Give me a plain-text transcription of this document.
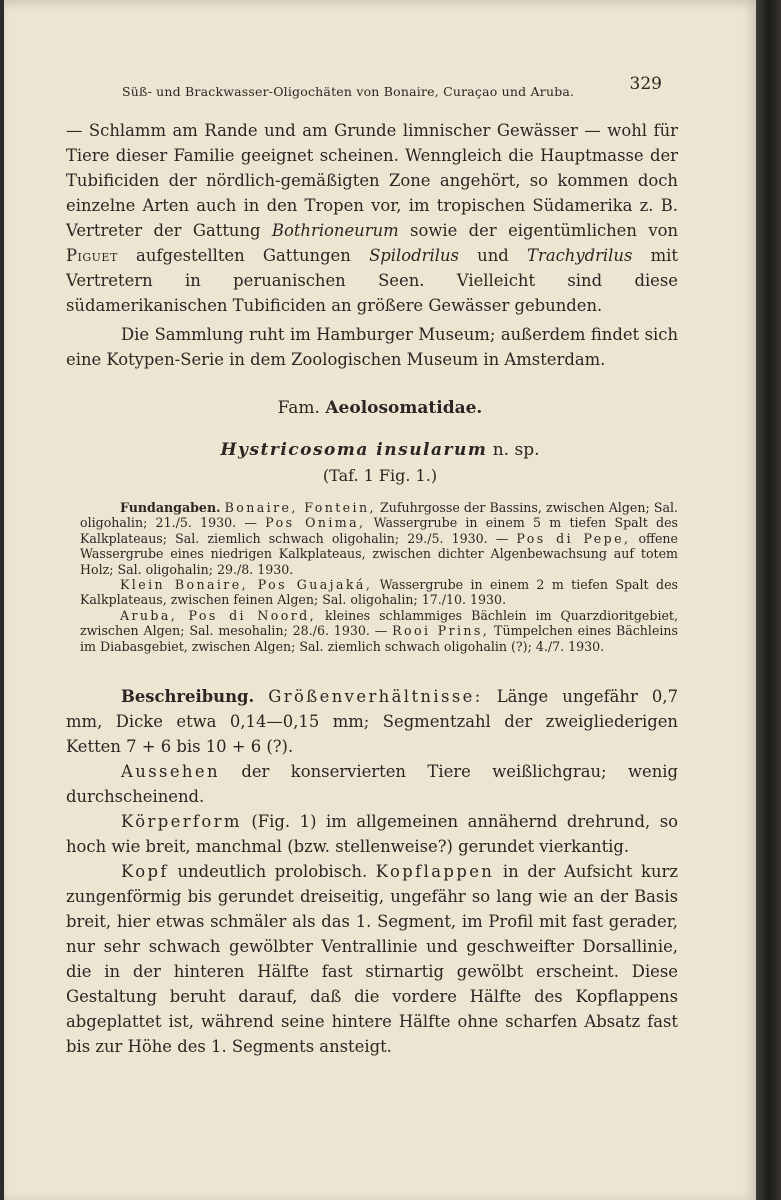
Süß- und Brackwasser-Oligochäten von Bonaire, Curaçao und Aruba.	329

— Schlamm am Rande und am Grunde limnischer Gewässer — wohl für Tiere dieser Familie geeignet scheinen. Wenngleich die Hauptmasse der Tubificiden der nördlich-gemäßigten Zone angehört, so kommen doch einzelne Arten auch in den Tropen vor, im tropischen Südamerika z. B. Vertreter der Gattung Bothrioneurum sowie der eigentümlichen von Piguet aufgestellten Gattungen Spilodrilus und Trachydrilus mit Vertretern in peruanischen Seen. Vielleicht sind diese südamerikanischen Tubificiden an größere Gewässer gebunden.

Die Sammlung ruht im Hamburger Museum; außerdem findet sich eine Kotypen-Serie in dem Zoologischen Museum in Amsterdam.

Fam. Aeolosomatidae.
Hystricosoma insularum n. sp.
(Taf. 1 Fig. 1.)

Fundangaben. Bonaire, Fontein, Zufuhrgosse der Bassins, zwischen Algen; Sal. oligohalin; 21./5. 1930. — Pos Onima, Wassergrube in einem 5 m tiefen Spalt des Kalkplateaus; Sal. ziemlich schwach oligohalin; 29./5. 1930. — Pos di Pepe, offene Wassergrube eines niedrigen Kalkplateaus, zwischen dichter Algenbewachsung auf totem Holz; Sal. oligohalin; 29./8. 1930.

Klein Bonaire, Pos Guajaká, Wassergrube in einem 2 m tiefen Spalt des Kalkplateaus, zwischen feinen Algen; Sal. oligohalin; 17./10. 1930.

Aruba, Pos di Noord, kleines schlammiges Bächlein im Quarzdioritgebiet, zwischen Algen; Sal. mesohalin; 28./6. 1930. — Rooi Prins, Tümpelchen eines Bächleins im Diabasgebiet, zwischen Algen; Sal. ziemlich schwach oligohalin (?); 4./7. 1930.

Beschreibung. Größenverhältnisse: Länge ungefähr 0,7 mm, Dicke etwa 0,14—0,15 mm; Segmentzahl der zweigliederigen Ketten 7 + 6 bis 10 + 6 (?).

Aussehen der konservierten Tiere weißlichgrau; wenig durchscheinend.

Körperform (Fig. 1) im allgemeinen annähernd drehrund, so hoch wie breit, manchmal (bzw. stellenweise?) gerundet vierkantig.

Kopf undeutlich prolobisch. Kopflappen in der Aufsicht kurz zungenförmig bis gerundet dreiseitig, ungefähr so lang wie an der Basis breit, hier etwas schmäler als das 1. Segment, im Profil mit fast gerader, nur sehr schwach gewölbter Ventrallinie und geschweifter Dorsallinie, die in der hinteren Hälfte fast stirnartig gewölbt erscheint. Diese Gestaltung beruht darauf, daß die vordere Hälfte des Kopflappens abgeplattet ist, während seine hintere Hälfte ohne scharfen Absatz fast bis zur Höhe des 1. Segments ansteigt.
